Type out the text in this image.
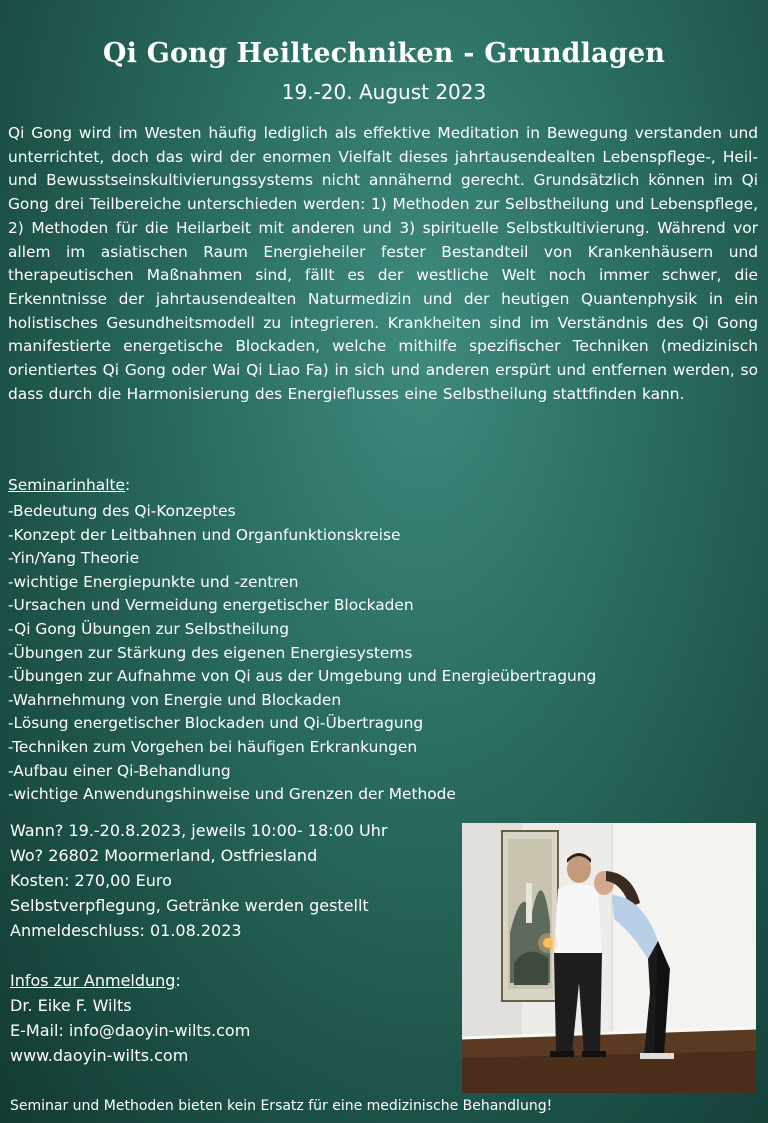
Qi Gong Heiltechniken - Grundlagen
19.-20. August 2023
Qi Gong wird im Westen häufig lediglich als effektive Meditation in Bewegung verstanden und unterrichtet, doch das wird der enormen Vielfalt dieses jahrtausendealten Lebenspflege-, Heil- und Bewusstseinskultivierungssystems nicht annähernd gerecht. Grundsätzlich können im Qi Gong drei Teilbereiche unterschieden werden: 1) Methoden zur Selbstheilung und Lebenspflege, 2) Methoden für die Heilarbeit mit anderen und 3) spirituelle Selbstkultivierung. Während vor allem im asiatischen Raum Energieheiler fester Bestandteil von Krankenhäusern und therapeutischen Maßnahmen sind, fällt es der westliche Welt noch immer schwer, die Erkenntnisse der jahrtausendealten Naturmedizin und der heutigen Quantenphysik in ein holistisches Gesundheitsmodell zu integrieren. Krankheiten sind im Verständnis des Qi Gong manifestierte energetische Blockaden, welche mithilfe spezifischer Techniken (medizinisch orientiertes Qi Gong oder Wai Qi Liao Fa) in sich und anderen erspürt und entfernen werden, so dass durch die Harmonisierung des Energieflusses eine Selbstheilung stattfinden kann.
Seminarinhalte:
-Bedeutung des Qi-Konzeptes
-Konzept der Leitbahnen und Organfunktionskreise
-Yin/Yang Theorie
-wichtige Energiepunkte und -zentren
-Ursachen und Vermeidung energetischer Blockaden
-Qi Gong Übungen zur Selbstheilung
-Übungen zur Stärkung des eigenen Energiesystems
-Übungen zur Aufnahme von Qi aus der Umgebung und Energieübertragung
-Wahrnehmung von Energie und Blockaden
-Lösung energetischer Blockaden und Qi-Übertragung
-Techniken zum Vorgehen bei häufigen Erkrankungen
-Aufbau einer Qi-Behandlung
-wichtige Anwendungshinweise und Grenzen der Methode
Wann? 19.-20.8.2023, jeweils 10:00- 18:00 Uhr
Wo? 26802 Moormerland, Ostfriesland
Kosten: 270,00 Euro
Selbstverpflegung, Getränke werden gestellt
Anmeldeschluss: 01.08.2023
Infos zur Anmeldung:
Dr. Eike F. Wilts
E-Mail: info@daoyin-wilts.com
www.daoyin-wilts.com
Seminar und Methoden bieten kein Ersatz für eine medizinische Behandlung!
